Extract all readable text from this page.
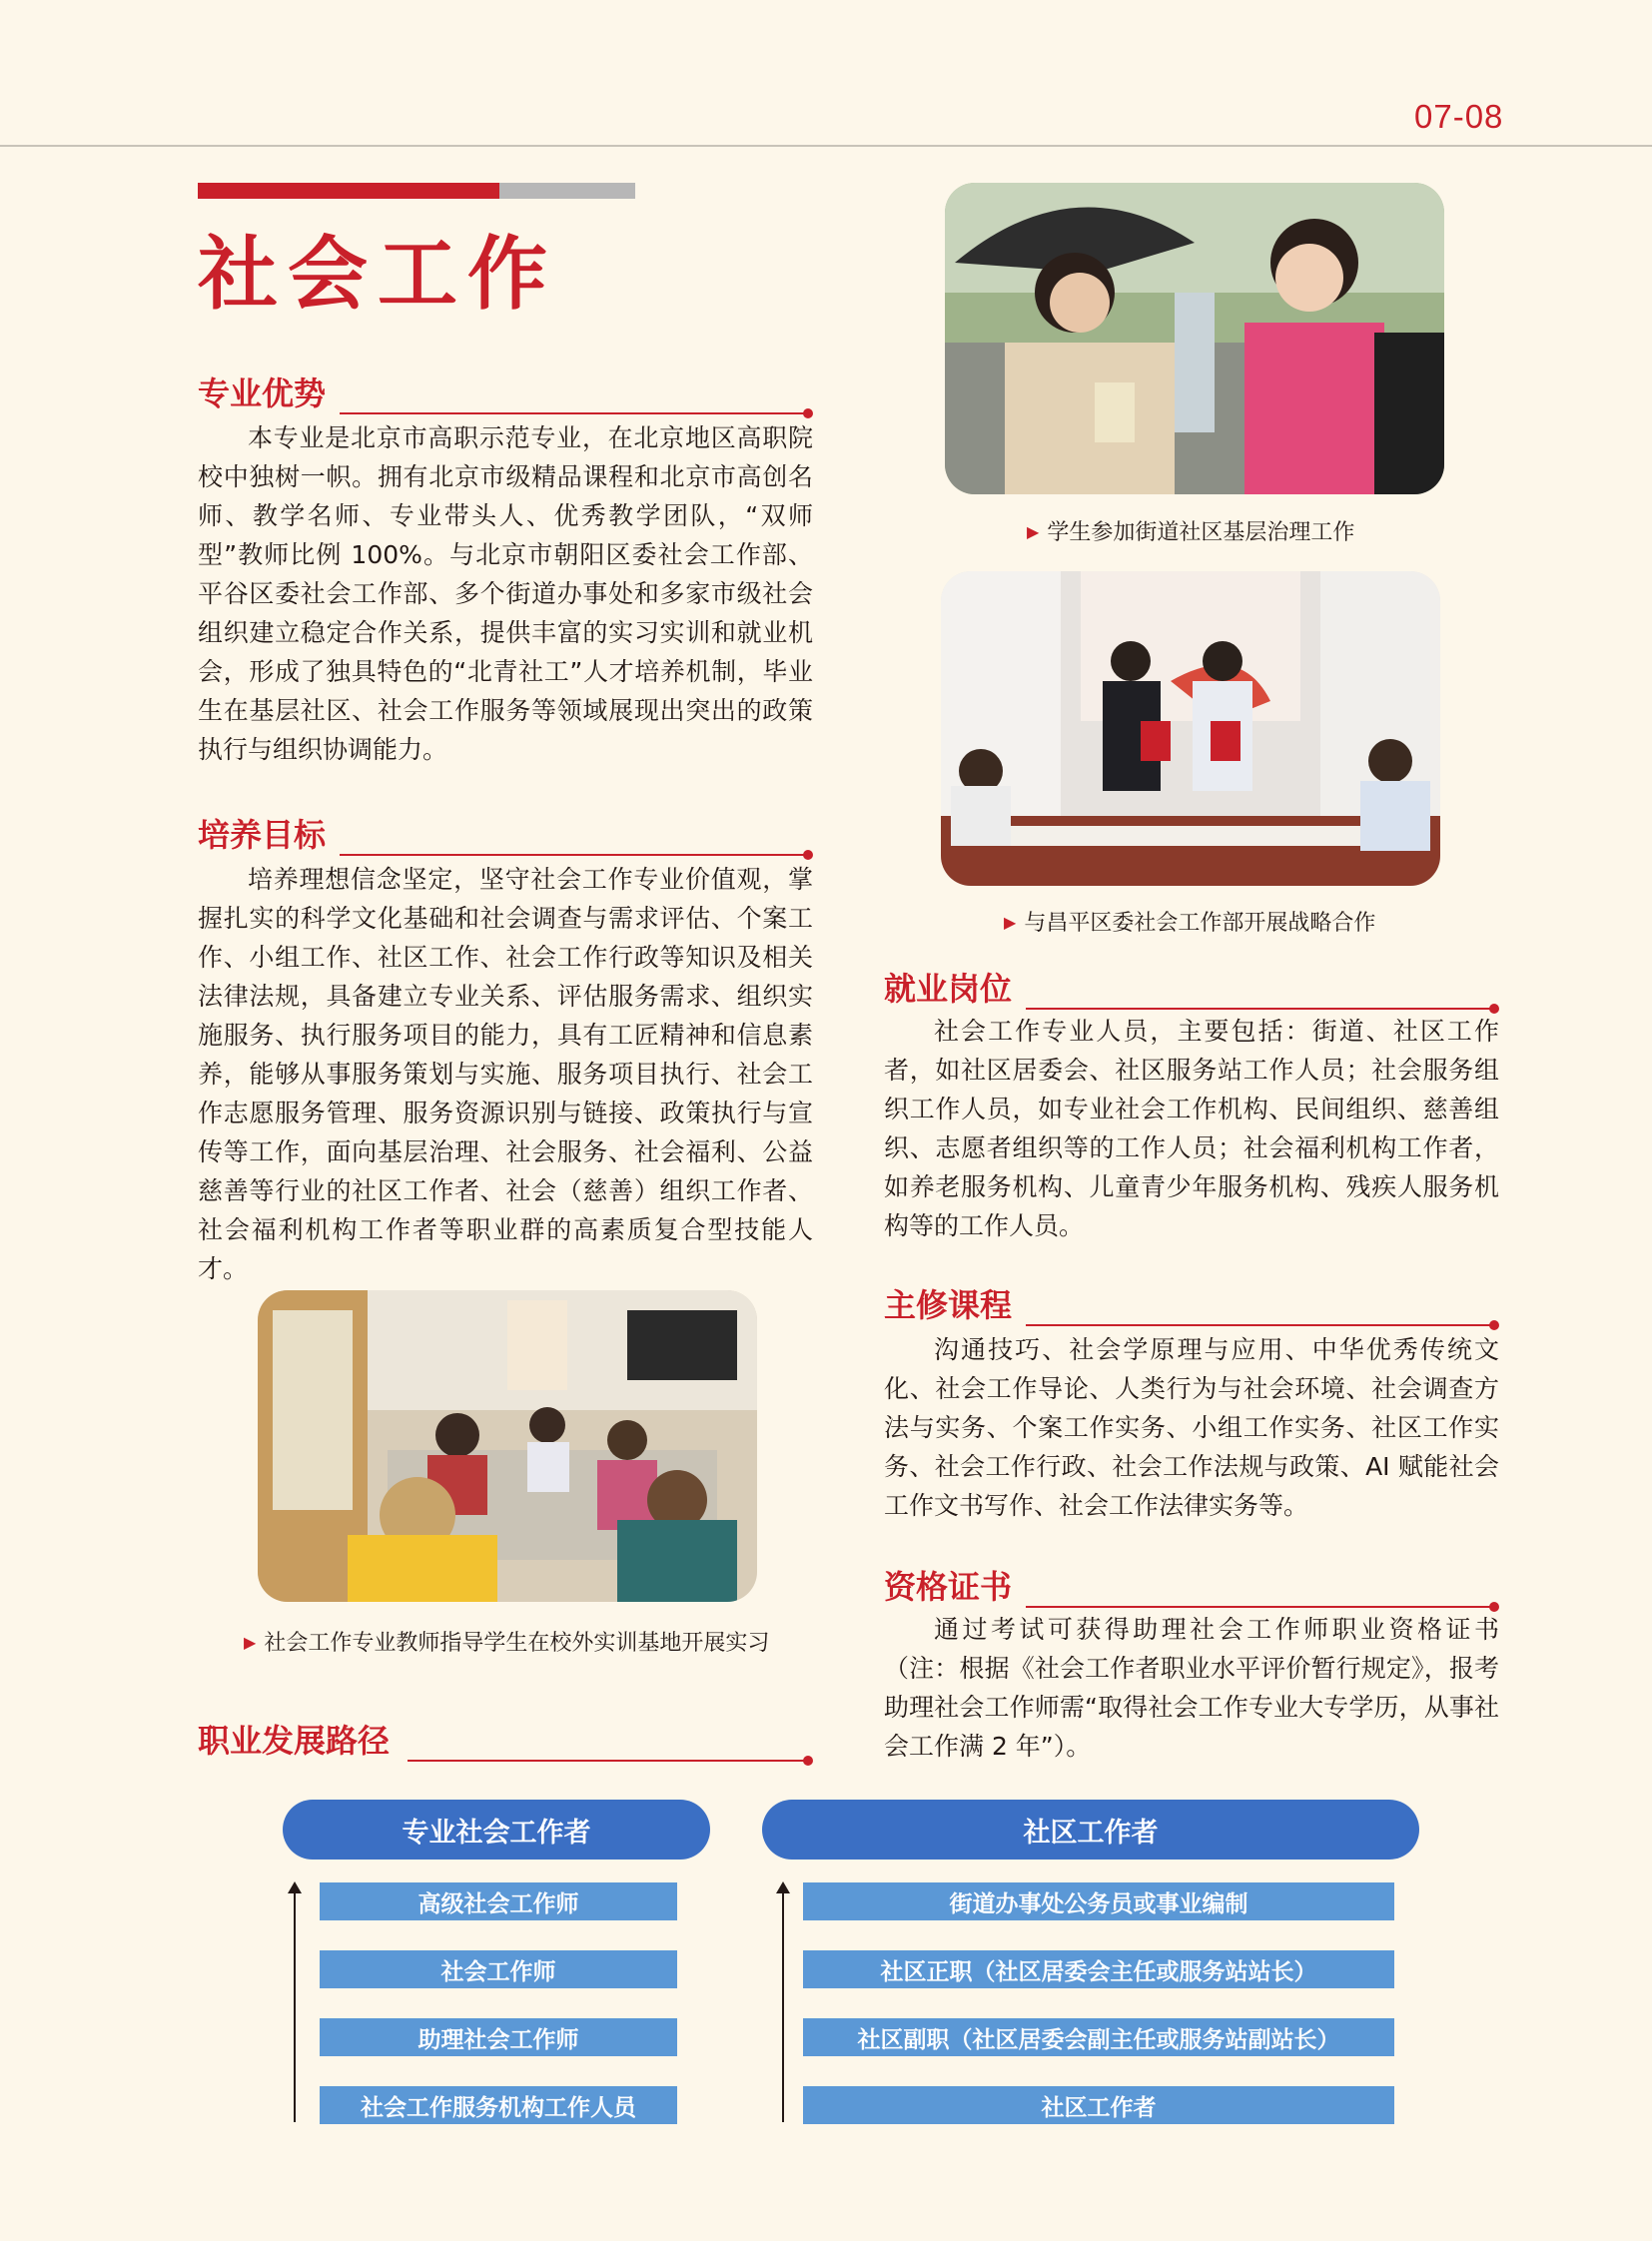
07-08
社会工作
专业优势

本专业是北京市高职示范专业，在北京地区高职院校中独树一帜。拥有北京市级精品课程和北京市高创名师、教学名师、专业带头人、优秀教学团队，“双师型”教师比例 100%。与北京市朝阳区委社会工作部、平谷区委社会工作部、多个街道办事处和多家市级社会组织建立稳定合作关系，提供丰富的实习实训和就业机会，形成了独具特色的“北青社工”人才培养机制，毕业生在基层社区、社会工作服务等领域展现出突出的政策执行与组织协调能力。

培养目标

培养理想信念坚定，坚守社会工作专业价值观，掌握扎实的科学文化基础和社会调查与需求评估、个案工作、小组工作、社区工作、社会工作行政等知识及相关法律法规，具备建立专业关系、评估服务需求、组织实施服务、执行服务项目的能力，具有工匠精神和信息素养，能够从事服务策划与实施、服务项目执行、社会工作志愿服务管理、服务资源识别与链接、政策执行与宣传等工作，面向基层治理、社会服务、社会福利、公益慈善等行业的社区工作者、社会（慈善）组织工作者、社会福利机构工作者等职业群的高素质复合型技能人才。

▶ 社会工作专业教师指导学生在校外实训基地开展实习
职业发展路径
▶ 学生参加街道社区基层治理工作
▶ 与昌平区委社会工作部开展战略合作
就业岗位

社会工作专业人员，主要包括：街道、社区工作者，如社区居委会、社区服务站工作人员；社会服务组织工作人员，如专业社会工作机构、民间组织、慈善组织、志愿者组织等的工作人员；社会福利机构工作者，如养老服务机构、儿童青少年服务机构、残疾人服务机构等的工作人员。

主修课程

沟通技巧、社会学原理与应用、中华优秀传统文化、社会工作导论、人类行为与社会环境、社会调查方法与实务、个案工作实务、小组工作实务、社区工作实务、社会工作行政、社会工作法规与政策、AI 赋能社会工作文书写作、社会工作法律实务等。

资格证书

通过考试可获得助理社会工作师职业资格证书（注：根据《社会工作者职业水平评价暂行规定》，报考助理社会工作师需“取得社会工作专业大专学历，从事社会工作满 2 年”）。

专业社会工作者
高级社会工作师
社会工作师
助理社会工作师
社会工作服务机构工作人员
社区工作者
街道办事处公务员或事业编制
社区正职（社区居委会主任或服务站站长）
社区副职（社区居委会副主任或服务站副站长）
社区工作者
